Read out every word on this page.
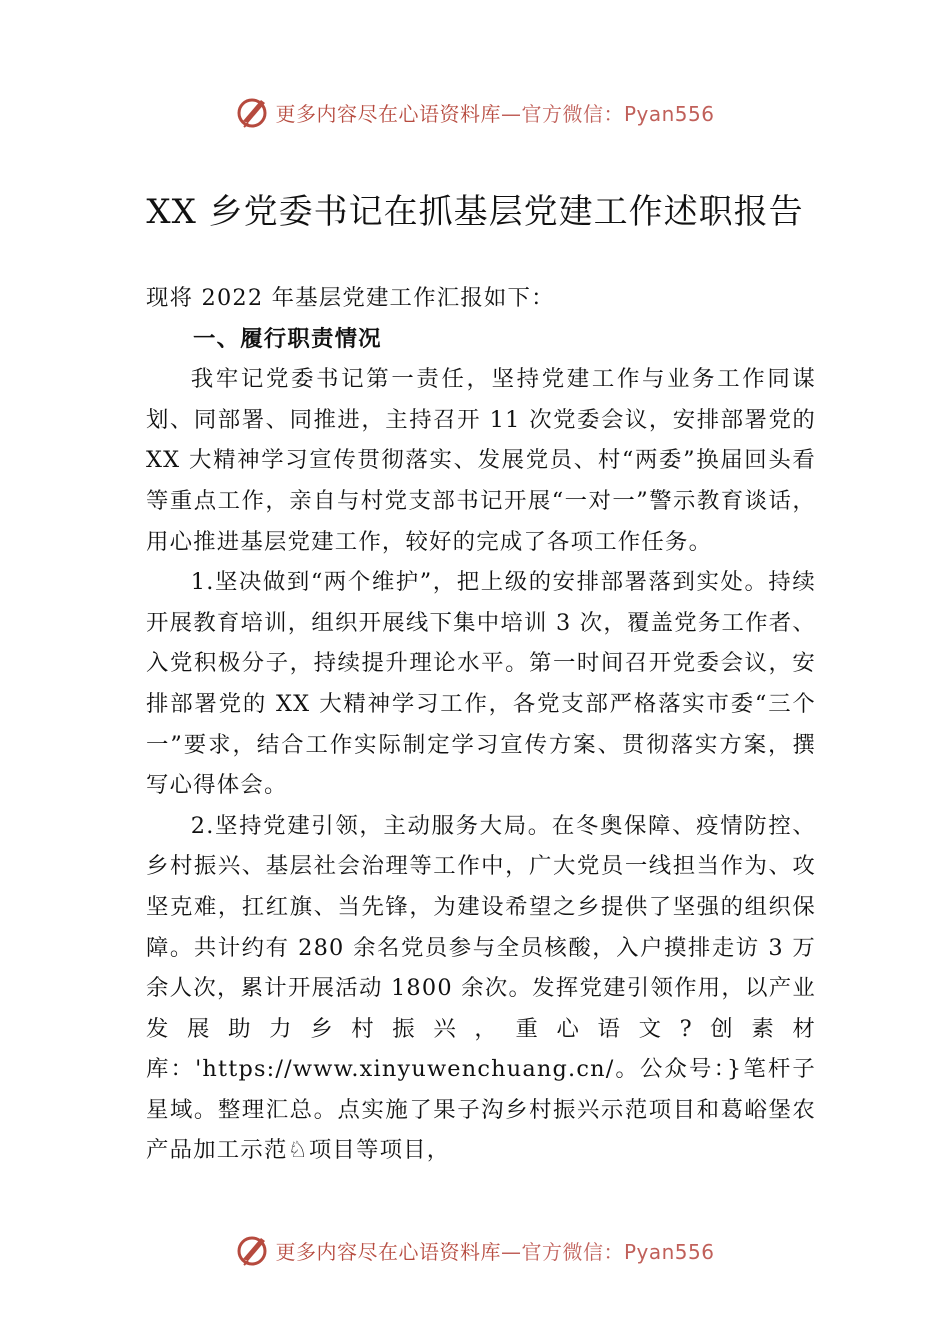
更多内容尽在心语资料库 —官方微信：Pyan556
XX 乡党委书记在抓基层党建工作述职报告

现将 2022 年基层党建工作汇报如下：

一、履行职责情况

我牢记党委书记第一责任，坚持党建工作与业务工作同谋划、同部署、同推进，主持召开 11 次党委会议，安排部署党的 XX 大精神学习宣传贯彻落实、发展党员、村“两委”换届回头看等重点工作，亲自与村党支部书记开展“一对一”警示教育谈话，用心推进基层党建工作，较好的完成了各项工作任务。

1.坚决做到“两个维护”，把上级的安排部署落到实处。持续开展教育培训，组织开展线下集中培训 3 次，覆盖党务工作者、入党积极分子，持续提升理论水平。第一时间召开党委会议，安排部署党的 XX 大精神学习工作，各党支部严格落实市委“三个一”要求，结合工作实际制定学习宣传方案、贯彻落实方案，撰写心得体会。

2.坚持党建引领，主动服务大局。在冬奥保障、疫情防控、乡村振兴、基层社会治理等工作中，广大党员一线担当作为、攻坚克难，扛红旗、当先锋，为建设希望之乡提供了坚强的组织保障。共计约有 280 余名党员参与全员核酸，入户摸排走访 3 万余人次，累计开展活动 1800 余次。发挥党建引领作用，以产业发展助力乡村振兴，重心语文?创素材库：'https://www.xinyuwenchuang.cn/。公众号：}笔杆子星域。整理汇总。点实施了果子沟乡村振兴示范项目和葛峪堡农产品加工示范♘项目等项目，

更多内容尽在心语资料库 —官方微信：Pyan556
